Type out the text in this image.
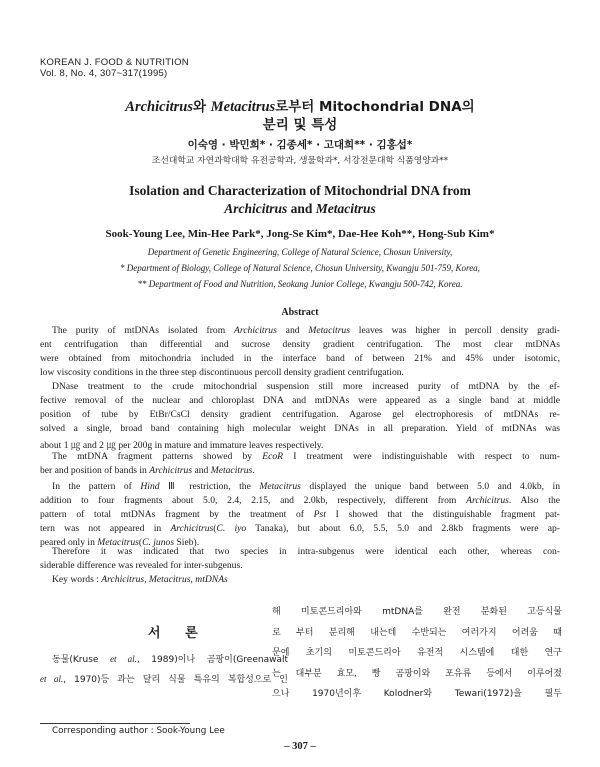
KOREAN J. FOOD & NUTRITION
Vol. 8, No. 4, 307~317(1995)
Archicitrus와 Metacitrus로부터 Mitochondrial DNA의
분리 및 특성
이숙영 · 박민희* · 김종세* · 고대희** · 김홍섭*
조선대학교 자연과학대학 유전공학과, 생물학과*, 서강전문대학 식품영양과**
Isolation and Characterization of Mitochondrial DNA from
Archicitrus and Metacitrus
Sook-Young Lee, Min-Hee Park*, Jong-Se Kim*, Dae-Hee Koh**, Hong-Sub Kim*
Department of Genetic Engineering, College of Natural Science, Chosun University,
* Department of Biology, College of Natural Science, Chosun University, Kwangju 501-759, Korea,
** Department of Food and Nutrition, Seokang Junior College, Kwangju 500-742, Korea.
Abstract
The purity of mtDNAs isolated from Archicitrus and Metacitrus leaves was higher in percoll density gradi-
ent centrifugation than differential and sucrose density gradient centrifugation. The most clear mtDNAs
were obtained from mitochondria included in the interface band of between 21% and 45% under isotomic,
low viscosity conditions in the three step discontinuous percoll density gradient centrifugation.
DNase treatment to the crude mitochondrial suspension still more increased purity of mtDNA by the ef-
fective removal of the nuclear and chloroplast DNA and mtDNAs were appeared as a single band at middle
position of tube by EtBr/CsCl density gradient centrifugation. Agarose gel electrophoresis of mtDNAs re-
solved a single, broad band containing high molecular weight DNAs in all preparation. Yield of mtDNAs was
about 1 ㎍ and 2 ㎍ per 200g in mature and immature leaves respectively.
The mtDNA fragment patterns showed by EcoR I treatment were indistinguishable with respect to num-
ber and position of bands in Archicitrus and Metacitrus.
In the pattern of Hind Ⅲ restriction, the Metacitrus displayed the unique band between 5.0 and 4.0kb, in
addition to four fragments about 5.0, 2.4, 2.15, and 2.0kb, respectively, different from Archicitrus. Also the
pattern of total mtDNAs fragment by the treatment of Pst I showed that the distinguishable fragment pat-
tern was not appeared in Archicitrus(C. iyo Tanaka), but about 6.0, 5.5, 5.0 and 2.8kb fragments were ap-
peared only in Metacitrus(C. junos Sieb).
Therefore it was indicated that two species in intra-subgenus were identical each other, whereas con-
siderable difference was revealed for inter-subgenus.
Key words : Archicitrus, Metacitrus, mtDNAs
서 론
동물(Kruse et al., 1989)이나 곰팡이(Greenawalt
et al., 1970)등 과는 달리 식물 특유의 복합성으로 인
해 미토콘드리아와 mtDNA를 완전 분화된 고등식물
로 부터 분리해 내는데 수반되는 여러가지 어려움 때
문에 초기의 미토콘드리아 유전적 시스템에 대한 연구
는 대부분 효모, 빵 곰팡이와 포유류 등에서 이루어졌
으나 1970년이후 Kolodner와 Tewari(1972)을 필두
Corresponding author : Sook-Young Lee
– 307 –
